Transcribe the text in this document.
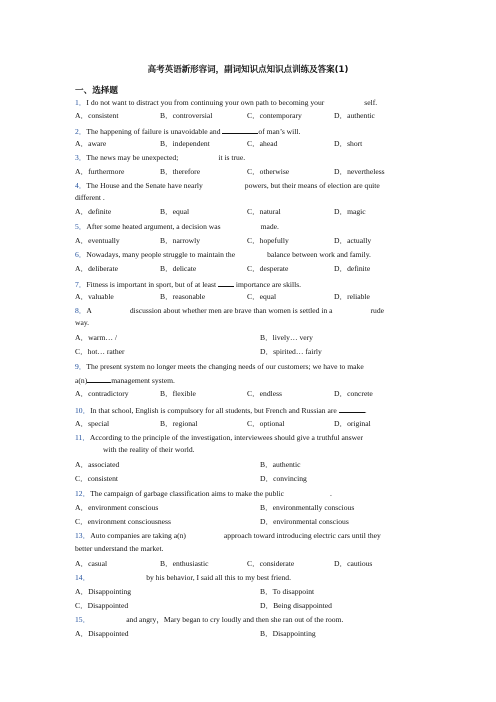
高考英语新形容词，副词知识点知识点训练及答案(1)
一、选择题
1．I do not want to distract you from continuing your own path to becoming your	self.
A．consistent	B．controversial	C．contemporary	D．authentic
2．The happening of failure is unavoidable and	of man’s will.
A．aware	B．independent	C．ahead	D．short
3．The news may be unexpected;	it is true.
A．furthermore	B．therefore	C．otherwise	D．nevertheless
4．The House and the Senate have nearly	powers, but their means of election are quite
different .
A．definite	B．equal	C．natural	D．magic
5．After some heated argument, a decision was	made.
A．eventually	B．narrowly	C．hopefully	D．actually
6．Nowadays, many people struggle to maintain the	balance between work and family.
A．deliberate	B．delicate	C．desperate	D．definite
7．Fitness is important in sport, but of at least  importance are skills.
A．valuable	B．reasonable	C．equal	D．reliable
8．A	discussion about whether men are brave than women is settled in a	rude
way.
A．warm… /	B．lively… very
C．hot… rather	D．spirited… fairly
9．The present system no longer meets the changing needs of our customers; we have to make
a(n)	management system.
A．contradictory	B．flexible	C．endless	D．concrete
10．In that school, English is compulsory for all students, but French and Russian are	.
A．special	B．regional	C．optional	D．original
11．According to the principle of the investigation, interviewees should give a truthful answer
with the reality of their world.
A．associated	B．authentic
C．consistent	D．convincing
12．The campaign of garbage classification aims to make the public	.
A．environment conscious	B．environmentally conscious
C．environment consciousness	D．environmental conscious
13．Auto companies are taking a(n)	approach toward introducing electric cars until they
better understand the market.
A．casual	B．enthusiastic	C．considerate	D．cautious
14．	by his behavior, I said all this to my best friend.
A．Disappointing	B．To disappoint
C．Disappointed	D．Being disappointed
15．	and angry，Mary began to cry loudly and then she ran out of the room.
A．Disappointed	B．Disappointing
